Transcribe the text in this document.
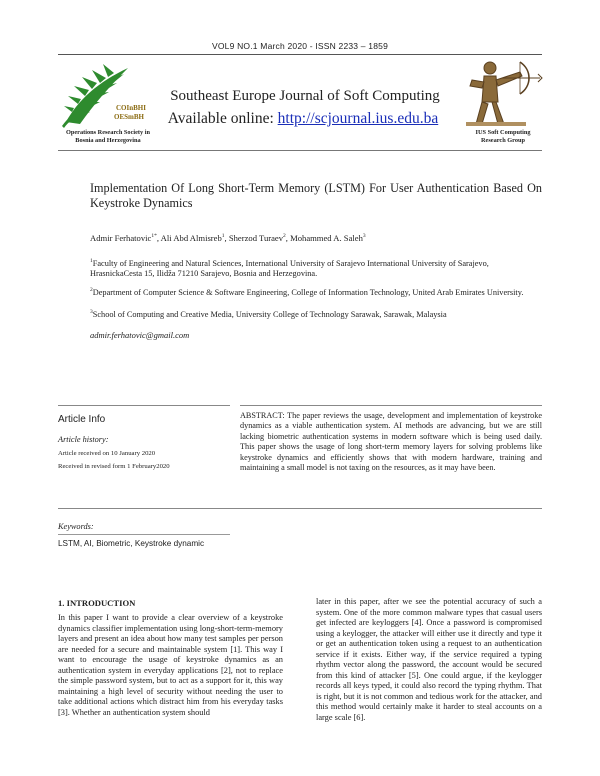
VOL9 NO.1 March 2020 - ISSN 2233 – 1859
COInBHI
OESmBH
Operations Research Society in
Bosnia and Herzegovina
IUS Soft Computing
Research Group
Southeast Europe Journal of Soft Computing
Available online: http://scjournal.ius.edu.ba
Implementation Of Long Short-Term Memory (LSTM) For User Authentication Based On Keystroke Dynamics
Admir Ferhatovic$^{1*}$, Ali Abd Almisreb$^1$, Sherzod Turaev$^2$, Mohammed A. Saleh$^3$
$^1$Faculty of Engineering and Natural Sciences, International University of Sarajevo International University of Sarajevo, HrasnickaCesta 15, Ilidža 71210 Sarajevo, Bosnia and Herzegovina.
$^2$Department of Computer Science & Software Engineering, College of Information Technology, United Arab Emirates University.
$^3$School of Computing and Creative Media, University College of Technology Sarawak, Sarawak, Malaysia
admir.ferhatovic@gmail.com
Article Info
Article history:
Article received on 10 January 2020
Received in revised form 1 February2020
ABSTRACT: The paper reviews the usage, development and implementation of keystroke dynamics as a viable authentication system. AI methods are advancing, but we are still lacking biometric authentication systems in modern software which is being used daily. This paper shows the usage of long short-term memory layers for solving problems like keystroke dynamics and efficiently shows that with modern hardware, training and maintaining a small model is not taxing on the resources, as it may have been.
Keywords:
LSTM, AI, Biometric, Keystroke dynamic
1. INTRODUCTION
In this paper I want to provide a clear overview of a keystroke dynamics classifier implementation using long-short-term-memory layers and present an idea about how many test samples per person are needed for a secure and maintainable system [1]. This way I want to encourage the usage of keystroke dynamics as an authentication system in everyday applications [2], not to replace the simple password system, but to act as a support for it, this way maintaining a high level of security without needing the user to take additional actions which distract him from his everyday tasks [3]. Whether an authentication system should
later in this paper, after we see the potential accuracy of such a system. One of the more common malware types that casual users get infected are keyloggers [4]. Once a password is compromised using a keylogger, the attacker will either use it directly and type it or get an authentication token using a request to an authentication service if it exists. Either way, if the service required a typing rhythm vector along the password, the account would be secured from this kind of attacker [5]. One could argue, if the keylogger records all keys typed, it could also record the typing rhythm. That is right, but it is not common and tedious work for the attacker, and this method would certainly make it harder to steal accounts on a large scale [6].
